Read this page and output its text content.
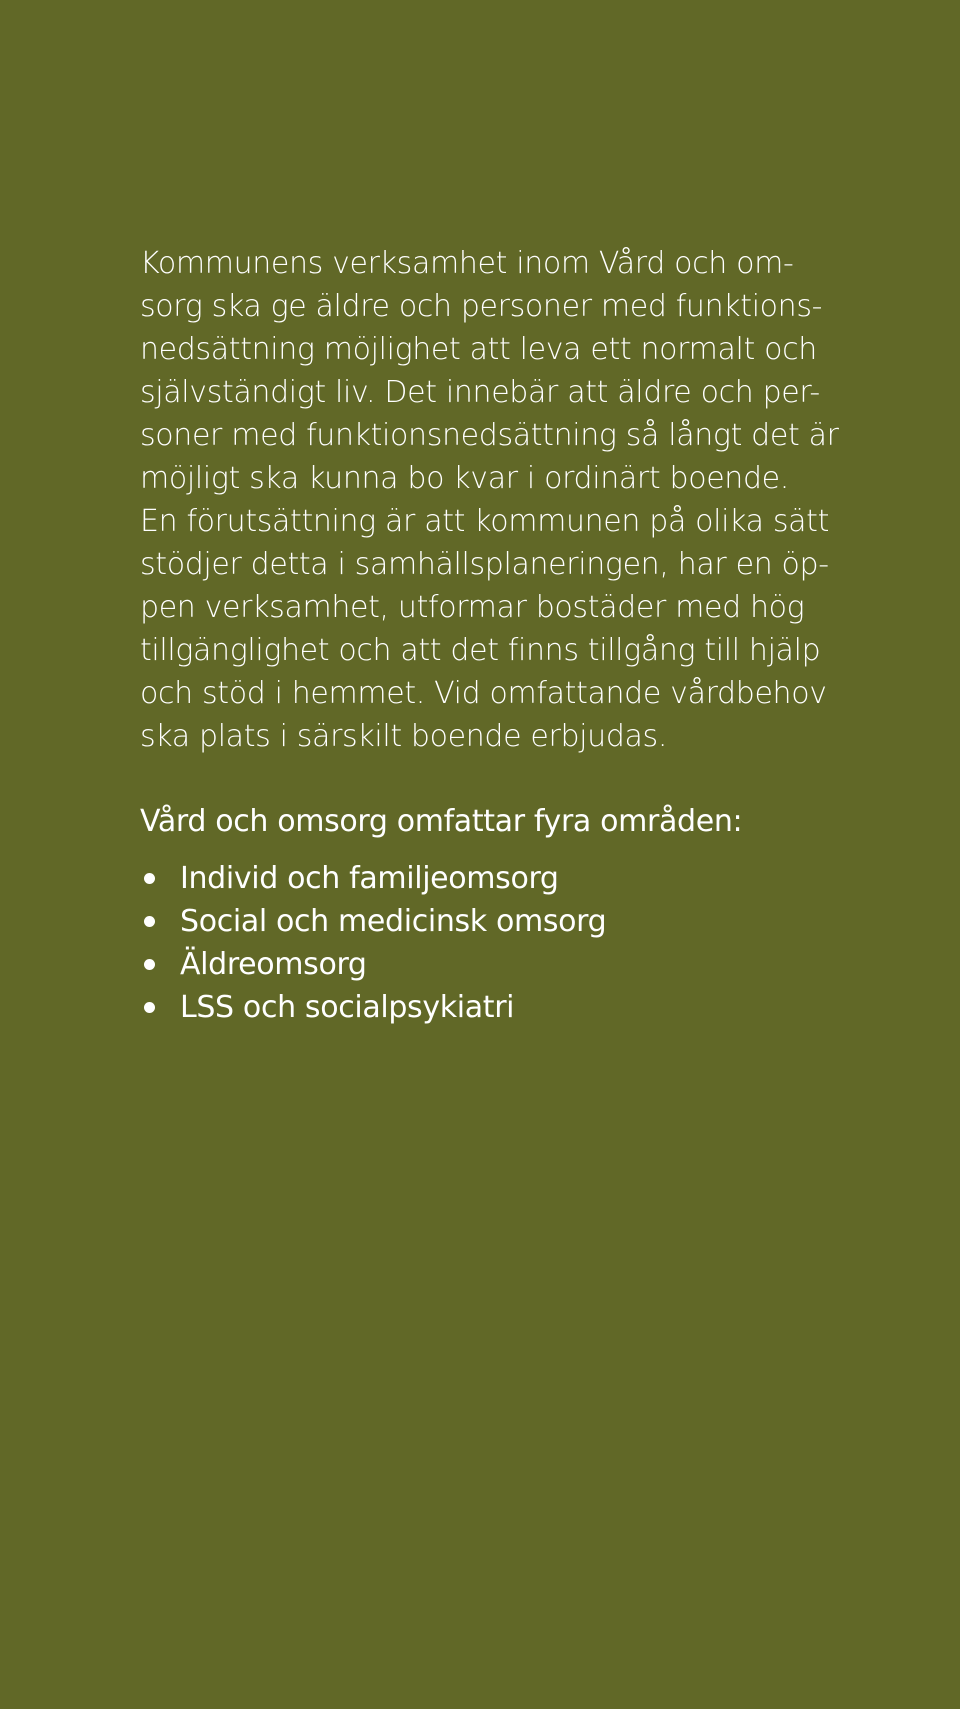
Kommunens verksamhet inom Vård och om-
sorg ska ge äldre och personer med funktions-
nedsättning möjlighet att leva ett normalt och
självständigt liv. Det innebär att äldre och per-
soner med funktionsnedsättning så långt det är
möjligt ska kunna bo kvar i ordinärt boende.
En förutsättning är att kommunen på olika sätt
stödjer detta i samhällsplaneringen, har en öp-
pen verksamhet, utformar bostäder med hög
tillgänglighet och att det finns tillgång till hjälp
och stöd i hemmet. Vid omfattande vårdbehov
ska plats i särskilt boende erbjudas.
Vård och omsorg omfattar fyra områden:
Individ och familjeomsorg
Social och medicinsk omsorg
Äldreomsorg
LSS och socialpsykiatri
